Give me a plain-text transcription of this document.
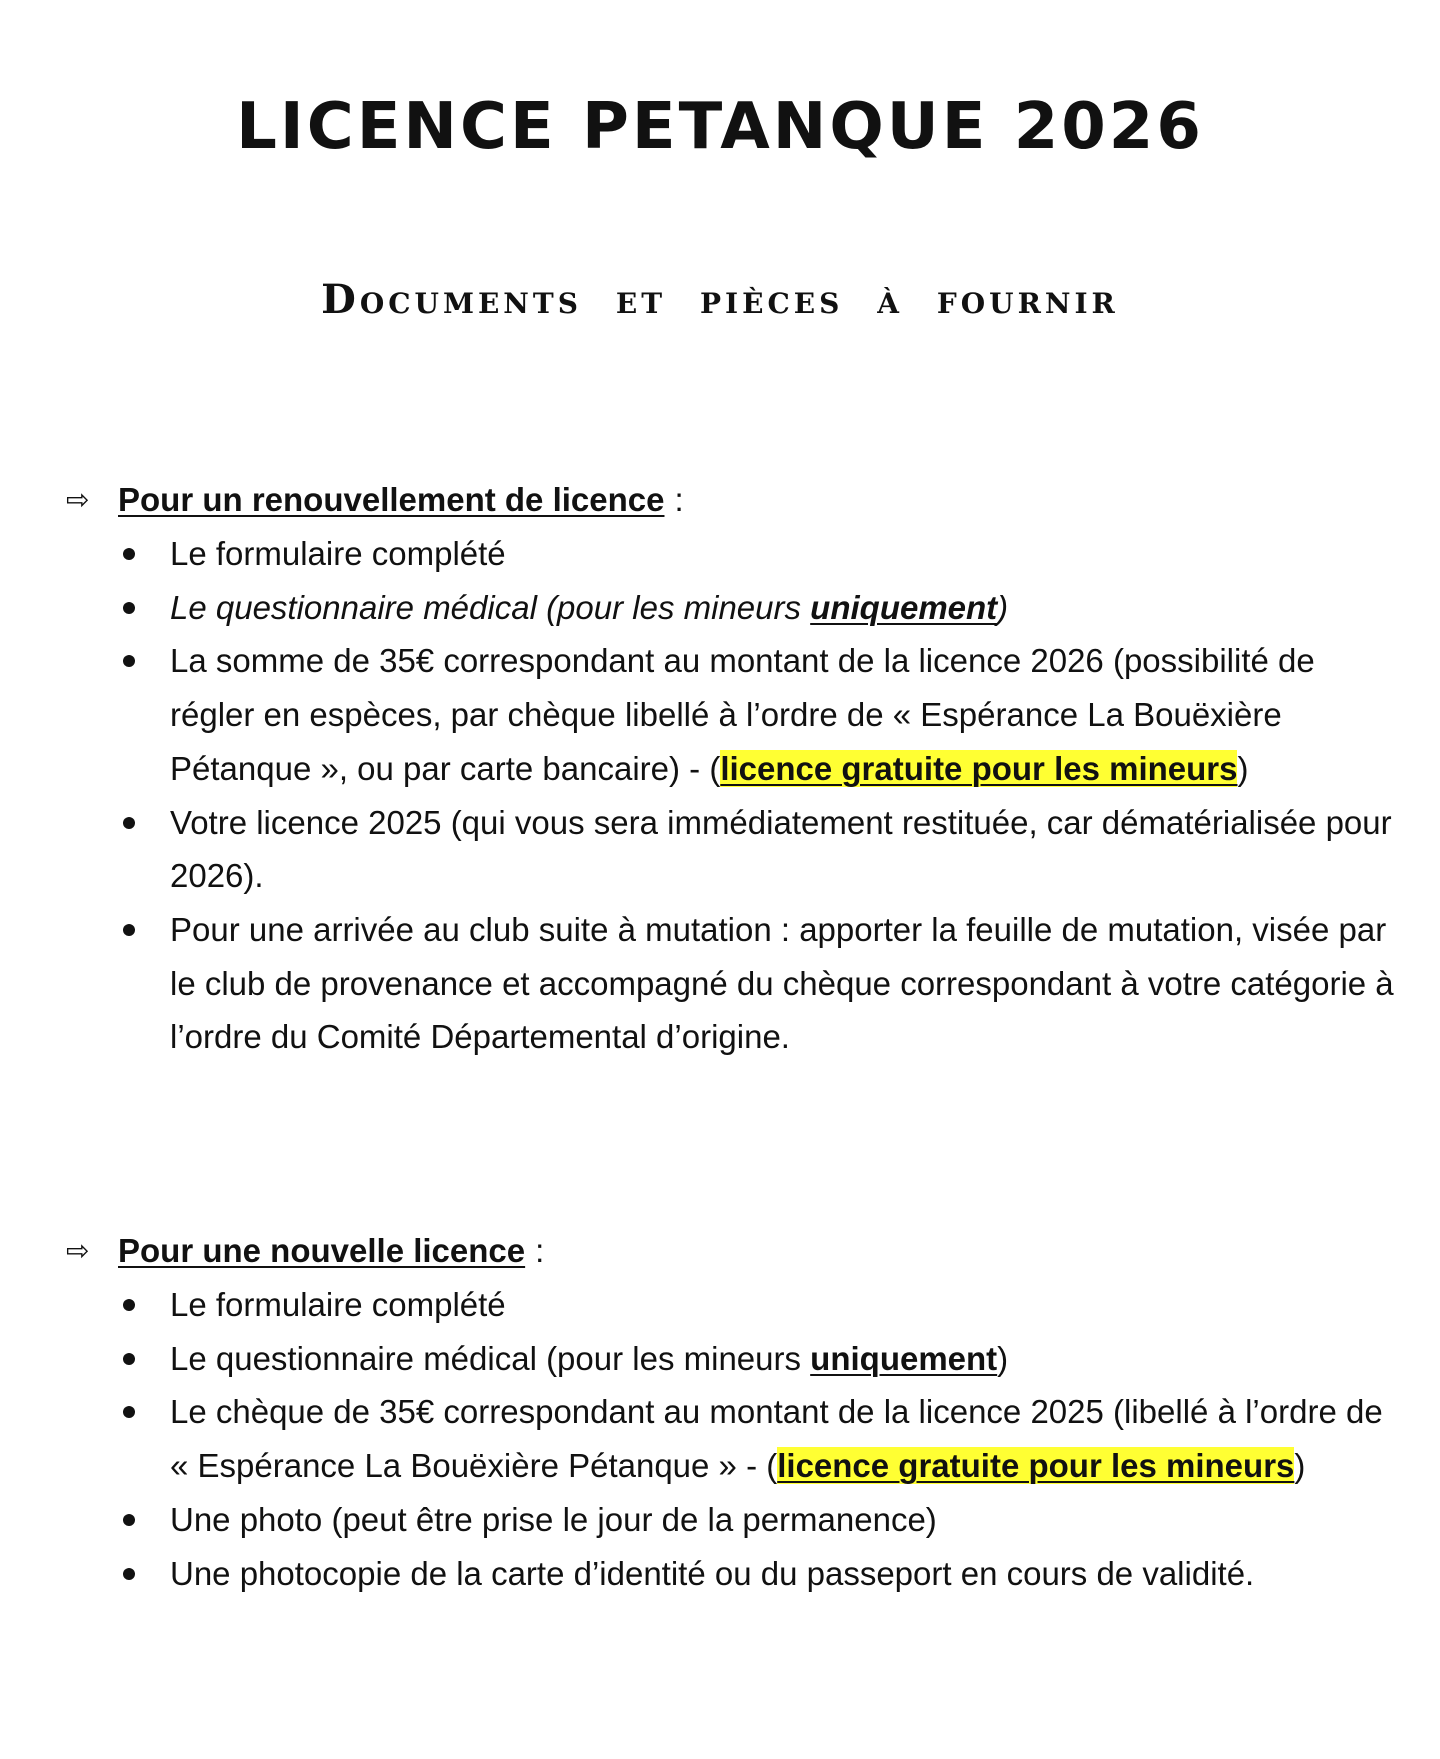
LICENCE PETANQUE 2026
Documents et pièces à fournir
⇨ Pour un renouvellement de licence :
Le formulaire complété
Le questionnaire médical (pour les mineurs uniquement)
La somme de 35€ correspondant au montant de la licence 2026 (possibilité de régler en espèces, par chèque libellé à l’ordre de « Espérance La Bouëxière Pétanque », ou par carte bancaire) - (licence gratuite pour les mineurs)
Votre licence 2025 (qui vous sera immédiatement restituée, car dématérialisée pour 2026).
Pour une arrivée au club suite à mutation : apporter la feuille de mutation, visée par le club de provenance et accompagné du chèque correspondant à votre catégorie à l’ordre du Comité Départemental d’origine.
⇨ Pour une nouvelle licence :
Le formulaire complété
Le questionnaire médical (pour les mineurs uniquement)
Le chèque de 35€ correspondant au montant de la licence 2025 (libellé à l’ordre de « Espérance La Bouëxière Pétanque » - (licence gratuite pour les mineurs)
Une photo (peut être prise le jour de la permanence)
Une photocopie de la carte d’identité ou du passeport en cours de validité.
